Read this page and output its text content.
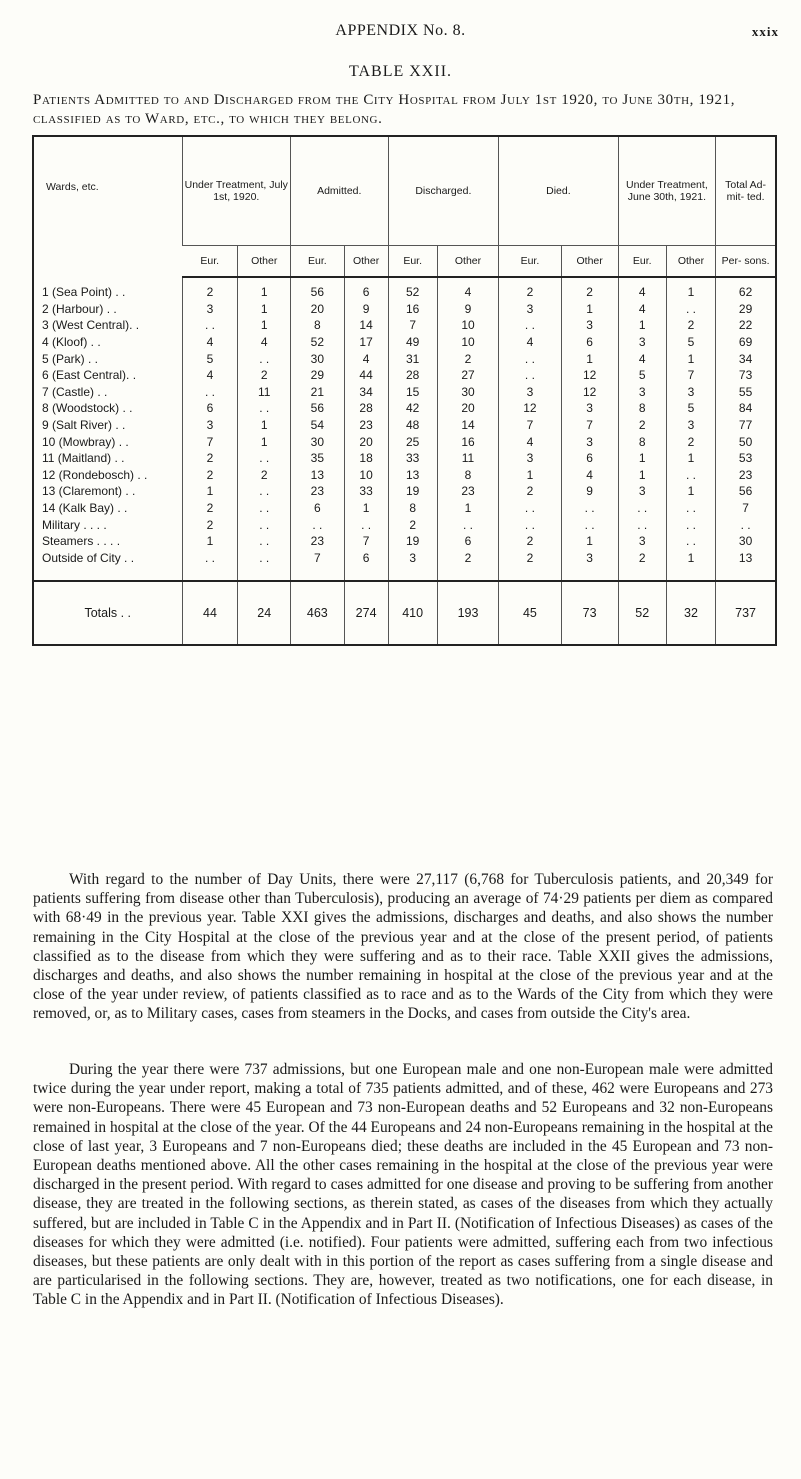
APPENDIX No. 8.	xxix
TABLE XXII.
Patients Admitted to and Discharged from the City Hospital from July 1st 1920, to June 30th, 1921, classified as to Ward, etc., to which they belong.
Wards, etc.	Under Treatment, July 1st, 1920.		Admitted.		Discharged.		Died.		Under Treatment, June 30th, 1921.		Total Ad- mit- ted.
	Eur.	Other	Eur.	Other	Eur.	Other	Eur.	Other	Eur.	Other	Per- sons.
1 (Sea Point) . .	2	1	56	6	52	4	2	2	4	1	62
2 (Harbour) . .	3	1	20	9	16	9	3	1	4	. .	29
3 (West Central). .	. .	1	8	14	7	10	. .	3	1	2	22
4 (Kloof) . .	4	4	52	17	49	10	4	6	3	5	69
5 (Park) . .	5	. .	30	4	31	2	. .	1	4	1	34
6 (East Central). .	4	2	29	44	28	27	. .	12	5	7	73
7 (Castle) . .	. .	11	21	34	15	30	3	12	3	3	55
8 (Woodstock) . .	6	. .	56	28	42	20	12	3	8	5	84
9 (Salt River) . .	3	1	54	23	48	14	7	7	2	3	77
10 (Mowbray) . .	7	1	30	20	25	16	4	3	8	2	50
11 (Maitland) . .	2	. .	35	18	33	11	3	6	1	1	53
12 (Rondebosch) . .	2	2	13	10	13	8	1	4	1	. .	23
13 (Claremont) . .	1	. .	23	33	19	23	2	9	3	1	56
14 (Kalk Bay) . .	2	. .	6	1	8	1	. .	. .	. .	. .	7
Military . . . .	2	. .	. .	. .	2	. .	. .	. .	. .	. .	. .
Steamers . . . .	1	. .	23	7	19	6	2	1	3	. .	30
Outside of City . .	. .	. .	7	6	3	2	2	3	2	1	13

Totals . .	44	24	463	274	410	193	45	73	52	32	737

With regard to the number of Day Units, there were 27,117 (6,768 for Tuberculosis patients, and 20,349 for patients suffering from disease other than Tuberculosis), producing an average of 74·29 patients per diem as compared with 68·49 in the previous year. Table XXI gives the admissions, discharges and deaths, and also shows the number remaining in the City Hospital at the close of the previous year and at the close of the present period, of patients classified as to the disease from which they were suffering and as to their race. Table XXII gives the admissions, discharges and deaths, and also shows the number remaining in hospital at the close of the previous year and at the close of the year under review, of patients classified as to race and as to the Wards of the City from which they were removed, or, as to Military cases, cases from steamers in the Docks, and cases from outside the City's area.

During the year there were 737 admissions, but one European male and one non-European male were admitted twice during the year under report, making a total of 735 patients admitted, and of these, 462 were Europeans and 273 were non-Europeans. There were 45 European and 73 non-European deaths and 52 Europeans and 32 non-Europeans remained in hospital at the close of the year. Of the 44 Europeans and 24 non-Europeans remaining in the hospital at the close of last year, 3 Europeans and 7 non-Europeans died; these deaths are included in the 45 European and 73 non-European deaths mentioned above. All the other cases remaining in the hospital at the close of the previous year were discharged in the present period. With regard to cases admitted for one disease and proving to be suffering from another disease, they are treated in the following sections, as therein stated, as cases of the diseases from which they actually suffered, but are included in Table C in the Appendix and in Part II. (Notification of Infectious Diseases) as cases of the diseases for which they were admitted (i.e. notified). Four patients were admitted, suffering each from two infectious diseases, but these patients are only dealt with in this portion of the report as cases suffering from a single disease and are particularised in the following sections. They are, however, treated as two notifications, one for each disease, in Table C in the Appendix and in Part II. (Notification of Infectious Diseases).
